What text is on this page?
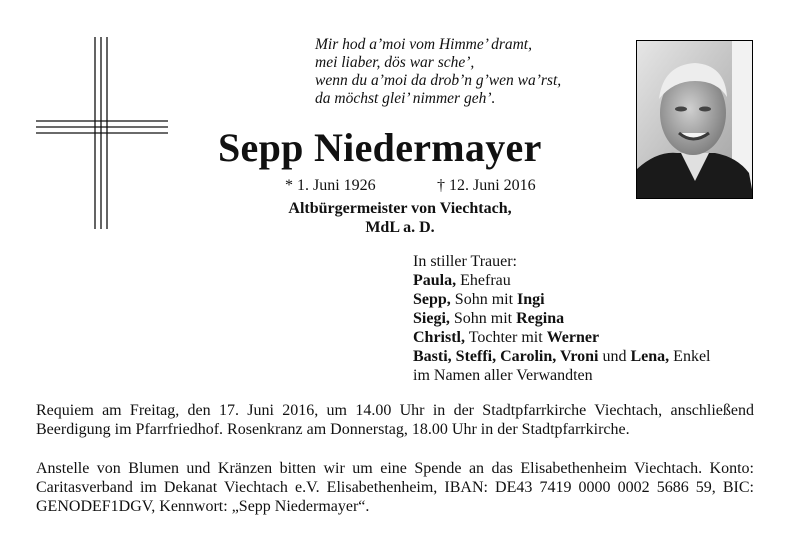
Mir hod a’moi vom Himme’ dramt,
mei liaber, dös war sche’,
wenn du a’moi da drob’n g’wen wa’rst,
da möchst glei’ nimmer geh’.
Sepp Niedermayer
* 1. Juni 1926	† 12. Juni 2016
Altbürgermeister von Viechtach,
MdL a. D.
In stiller Trauer:
Paula, Ehefrau
Sepp, Sohn mit Ingi
Siegi, Sohn mit Regina
Christl, Tochter mit Werner
Basti, Steffi, Carolin, Vroni und Lena, Enkel
im Namen aller Verwandten
Requiem am Freitag, den 17. Juni 2016, um 14.00 Uhr in der Stadtpfarrkirche Viechtach, anschließend Beerdigung im Pfarrfriedhof. Rosenkranz am Donnerstag, 18.00 Uhr in der Stadtpfarrkirche.
Anstelle von Blumen und Kränzen bitten wir um eine Spende an das Elisabethenheim Viechtach. Konto: Caritasverband im Dekanat Viechtach e.V. Elisabethenheim, IBAN: DE43 7419 0000 0002 5686 59, BIC: GENODEF1DGV, Kennwort: „Sepp Niedermayer“.
